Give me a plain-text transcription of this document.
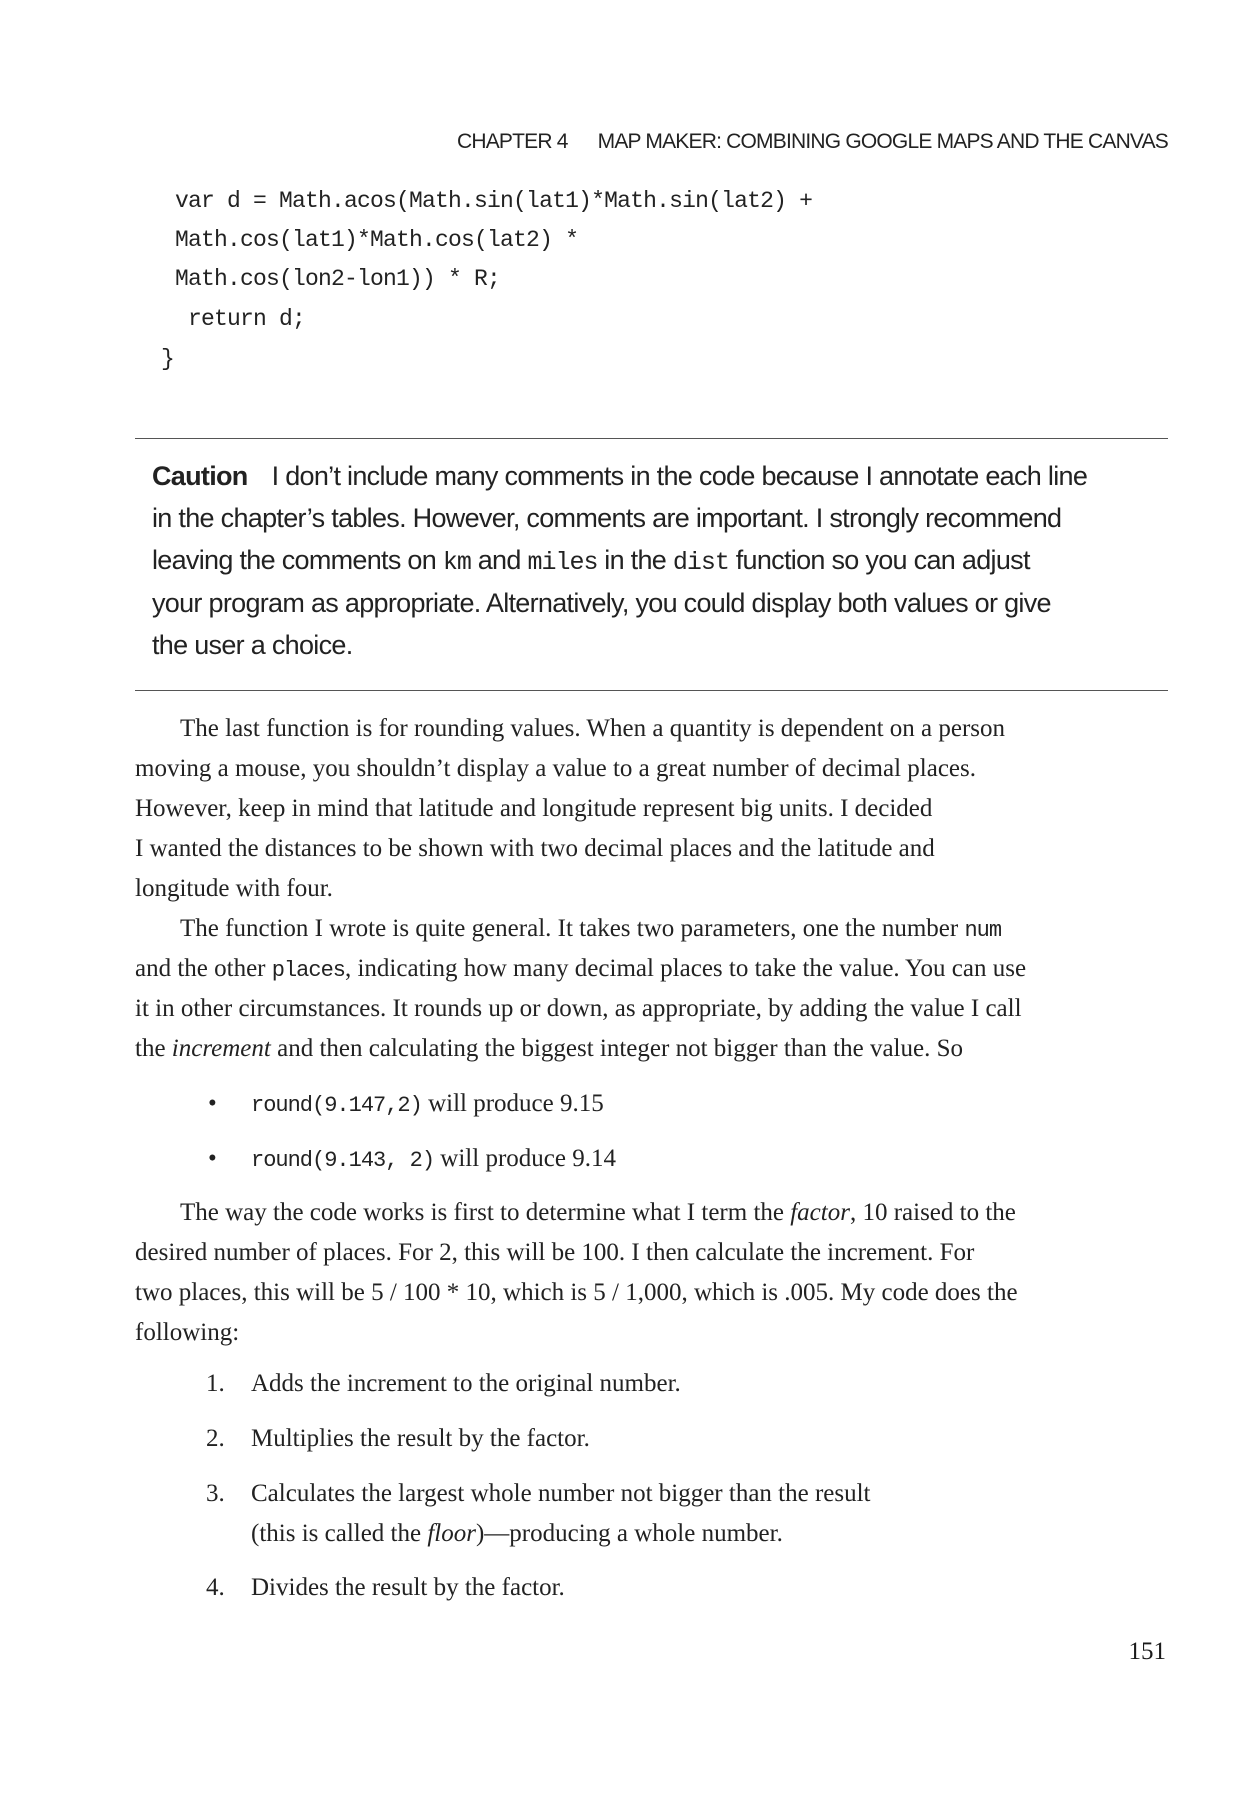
CHAPTER 4 MAP MAKER: COMBINING GOOGLE MAPS AND THE CANVAS
var d = Math.acos(Math.sin(lat1)*Math.sin(lat2) +
Math.cos(lat1)*Math.cos(lat2) *
Math.cos(lon2-lon1)) * R;
return d;
}
Caution I don’t include many comments in the code because I annotate each line
in the chapter’s tables. However, comments are important. I strongly recommend
leaving the comments on km and miles in the dist function so you can adjust
your program as appropriate. Alternatively, you could display both values or give
the user a choice.
The last function is for rounding values. When a quantity is dependent on a person
moving a mouse, you shouldn’t display a value to a great number of decimal places.
However, keep in mind that latitude and longitude represent big units. I decided
I wanted the distances to be shown with two decimal places and the latitude and
longitude with four.
The function I wrote is quite general. It takes two parameters, one the number num
and the other places, indicating how many decimal places to take the value. You can use
it in other circumstances. It rounds up or down, as appropriate, by adding the value I call
the increment and then calculating the biggest integer not bigger than the value. So
• round(9.147,2) will produce 9.15
• round(9.143, 2) will produce 9.14
The way the code works is first to determine what I term the factor, 10 raised to the
desired number of places. For 2, this will be 100. I then calculate the increment. For
two places, this will be 5 / 100 * 10, which is 5 / 1,000, which is .005. My code does the
following:
1. Adds the increment to the original number.
2. Multiplies the result by the factor.
3. Calculates the largest whole number not bigger than the result
(this is called the floor)—producing a whole number.
4. Divides the result by the factor.
151
